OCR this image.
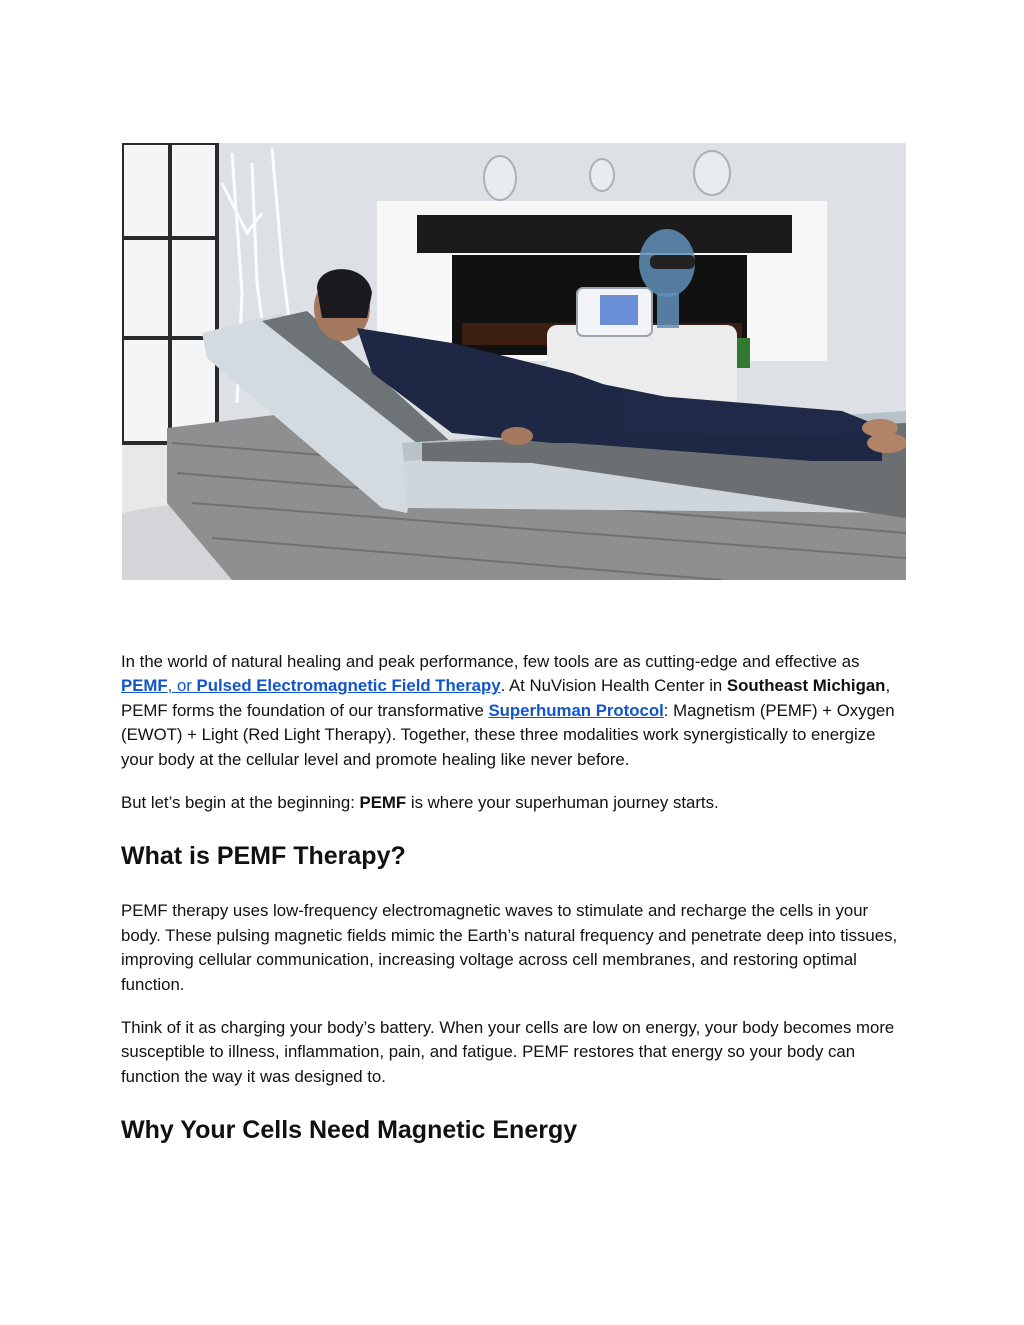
In the world of natural healing and peak performance, few tools are as cutting-edge and effective as PEMF, or Pulsed Electromagnetic Field Therapy. At NuVision Health Center in Southeast Michigan, PEMF forms the foundation of our transformative Superhuman Protocol: Magnetism (PEMF) + Oxygen (EWOT) + Light (Red Light Therapy). Together, these three modalities work synergistically to energize your body at the cellular level and promote healing like never before.

But let’s begin at the beginning: PEMF is where your superhuman journey starts.

What is PEMF Therapy?

PEMF therapy uses low-frequency electromagnetic waves to stimulate and recharge the cells in your body. These pulsing magnetic fields mimic the Earth’s natural frequency and penetrate deep into tissues, improving cellular communication, increasing voltage across cell membranes, and restoring optimal function.

Think of it as charging your body’s battery. When your cells are low on energy, your body becomes more susceptible to illness, inflammation, pain, and fatigue. PEMF restores that energy so your body can function the way it was designed to.

Why Your Cells Need Magnetic Energy
